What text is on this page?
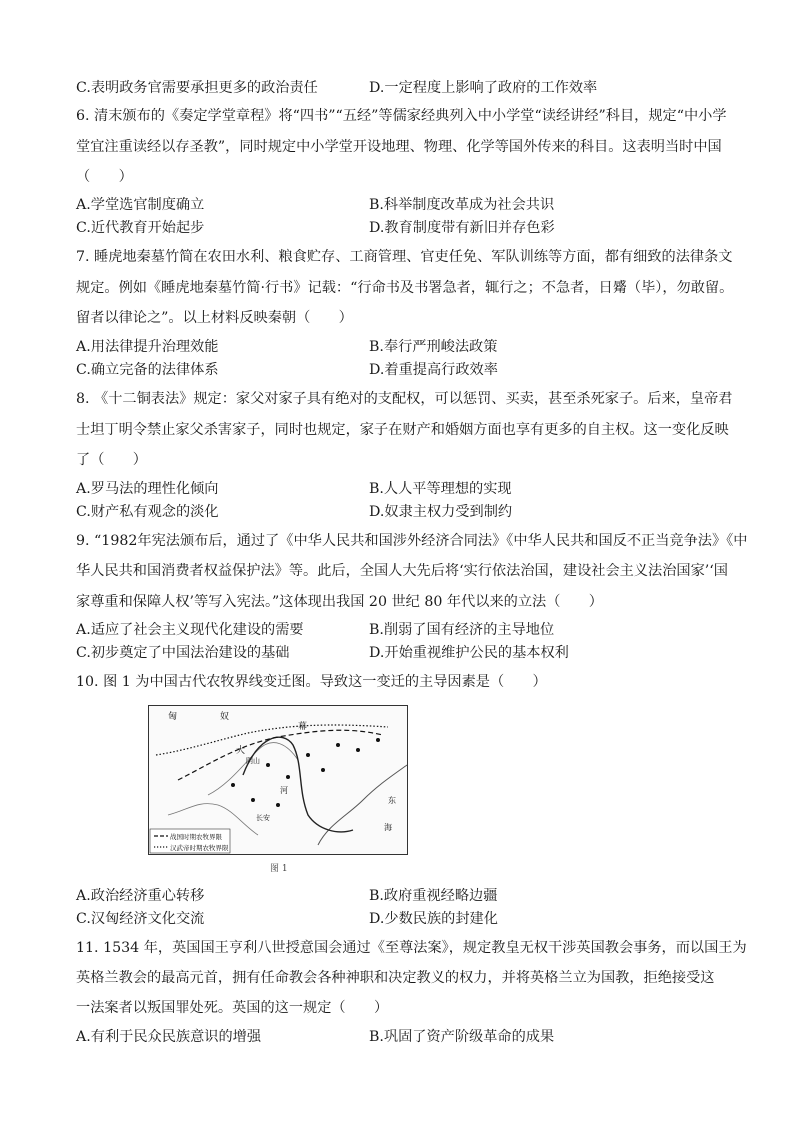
C.表明政务官需要承担更多的政治责任	D.一定程度上影响了政府的工作效率
6. 清末颁布的《奏定学堂章程》将“四书”“五经”等儒家经典列入中小学堂“读经讲经”科目，规定“中小学
堂宜注重读经以存圣教”，同时规定中小学堂开设地理、物理、化学等国外传来的科目。这表明当时中国
（　　）
A.学堂选官制度确立	B.科举制度改革成为社会共识
C.近代教育开始起步	D.教育制度带有新旧并存色彩
7. 睡虎地秦墓竹简在农田水利、粮食贮存、工商管理、官吏任免、军队训练等方面，都有细致的法律条文
规定。例如《睡虎地秦墓竹简·行书》记载：“行命书及书署急者，辄行之；不急者，日觱（毕），勿敢留。
留者以律论之”。以上材料反映秦朝（　　）
A.用法律提升治理效能	B.奉行严刑峻法政策
C.确立完备的法律体系	D.着重提高行政效率
8. 《十二铜表法》规定：家父对家子具有绝对的支配权，可以惩罚、买卖，甚至杀死家子。后来，皇帝君
士坦丁明令禁止家父杀害家子，同时也规定，家子在财产和婚姻方面也享有更多的自主权。这一变化反映
了（　　）
A.罗马法的理性化倾向	B.人人平等理想的实现
C.财产私有观念的淡化	D.奴隶主权力受到制约
9. “1982年宪法颁布后，通过了《中华人民共和国涉外经济合同法》《中华人民共和国反不正当竞争法》《中
华人民共和国消费者权益保护法》等。此后，全国人大先后将‘实行依法治国，建设社会主义法治国家’‘国
家尊重和保障人权’等写入宪法。”这体现出我国 20 世纪 80 年代以来的立法（　　）
A.适应了社会主义现代化建设的需要	B.削弱了国有经济的主导地位
C.初步奠定了中国法治建设的基础	D.开始重视维护公民的基本权利
10. 图 1 为中国古代农牧界线变迁图。导致这一变迁的主导因素是（　　）
匈	奴
幕
阴山
大
河
长安
东
海
战国时期农牧界限
汉武帝时期农牧界限
图 1
A.政治经济重心转移	B.政府重视经略边疆
C.汉匈经济文化交流	D.少数民族的封建化
11. 1534 年，英国国王亨利八世授意国会通过《至尊法案》，规定教皇无权干涉英国教会事务，而以国王为
英格兰教会的最高元首，拥有任命教会各种神职和决定教义的权力，并将英格兰立为国教，拒绝接受这
一法案者以叛国罪处死。英国的这一规定（　　）
A.有利于民众民族意识的增强	B.巩固了资产阶级革命的成果
